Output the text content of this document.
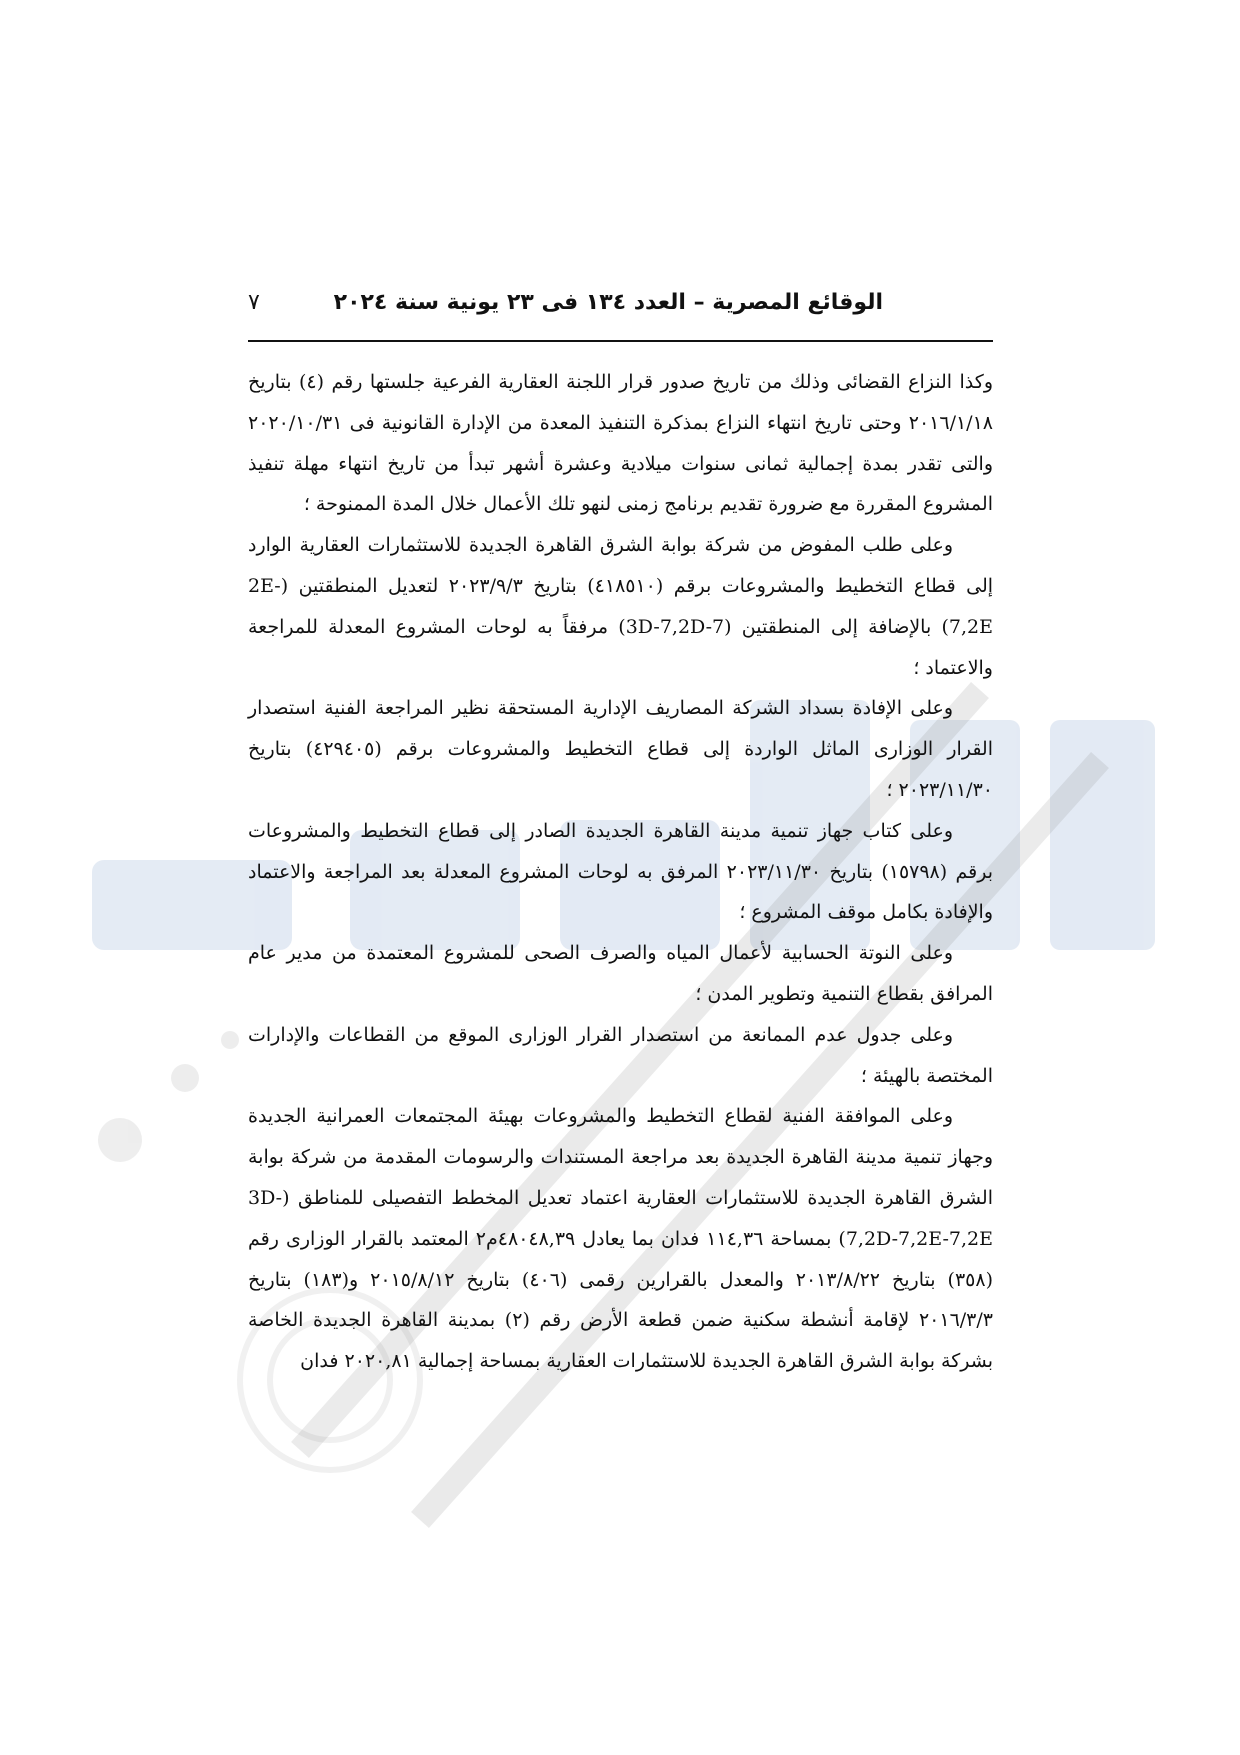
الوقائع المصرية – العدد ١٣٤ فى ٢٣ يونية سنة ٢٠٢٤
٧

وكذا النزاع القضائى وذلك من تاريخ صدور قرار اللجنة العقارية الفرعية جلستها رقم (٤) بتاريخ ٢٠١٦/١/١٨ وحتى تاريخ انتهاء النزاع بمذكرة التنفيذ المعدة من الإدارة القانونية فى ٢٠٢٠/١٠/٣١ والتى تقدر بمدة إجمالية ثمانى سنوات ميلادية وعشرة أشهر تبدأ من تاريخ انتهاء مهلة تنفيذ المشروع المقررة مع ضرورة تقديم برنامج زمنى لنهو تلك الأعمال خلال المدة الممنوحة ؛

وعلى طلب المفوض من شركة بوابة الشرق القاهرة الجديدة للاستثمارات العقارية الوارد إلى قطاع التخطيط والمشروعات برقم (٤١٨٥١٠) بتاريخ ٢٠٢٣/٩/٣ لتعديل المنطقتين (2E-7,2E) بالإضافة إلى المنطقتين (3D-7,2D-7) مرفقاً به لوحات المشروع المعدلة للمراجعة والاعتماد ؛

وعلى الإفادة بسداد الشركة المصاريف الإدارية المستحقة نظير المراجعة الفنية استصدار القرار الوزارى الماثل الواردة إلى قطاع التخطيط والمشروعات برقم (٤٢٩٤٠٥) بتاريخ ٢٠٢٣/١١/٣٠ ؛

وعلى كتاب جهاز تنمية مدينة القاهرة الجديدة الصادر إلى قطاع التخطيط والمشروعات برقم (١٥٧٩٨) بتاريخ ٢٠٢٣/١١/٣٠ المرفق به لوحات المشروع المعدلة بعد المراجعة والاعتماد والإفادة بكامل موقف المشروع ؛

وعلى النوتة الحسابية لأعمال المياه والصرف الصحى للمشروع المعتمدة من مدير عام المرافق بقطاع التنمية وتطوير المدن ؛

وعلى جدول عدم الممانعة من استصدار القرار الوزارى الموقع من القطاعات والإدارات المختصة بالهيئة ؛

وعلى الموافقة الفنية لقطاع التخطيط والمشروعات بهيئة المجتمعات العمرانية الجديدة وجهاز تنمية مدينة القاهرة الجديدة بعد مراجعة المستندات والرسومات المقدمة من شركة بوابة الشرق القاهرة الجديدة للاستثمارات العقارية اعتماد تعديل المخطط التفصيلى للمناطق (3D-7,2D-7,2E-7,2E) بمساحة ١١٤,٣٦ فدان بما يعادل ٤٨٠٤٨,٣٩م٢ المعتمد بالقرار الوزارى رقم (٣٥٨) بتاريخ ٢٠١٣/٨/٢٢ والمعدل بالقرارين رقمى (٤٠٦) بتاريخ ٢٠١٥/٨/١٢ و(١٨٣) بتاريخ ٢٠١٦/٣/٣ لإقامة أنشطة سكنية ضمن قطعة الأرض رقم (٢) بمدينة القاهرة الجديدة الخاصة بشركة بوابة الشرق القاهرة الجديدة للاستثمارات العقارية بمساحة إجمالية ٢٠٢٠,٨١ فدان
